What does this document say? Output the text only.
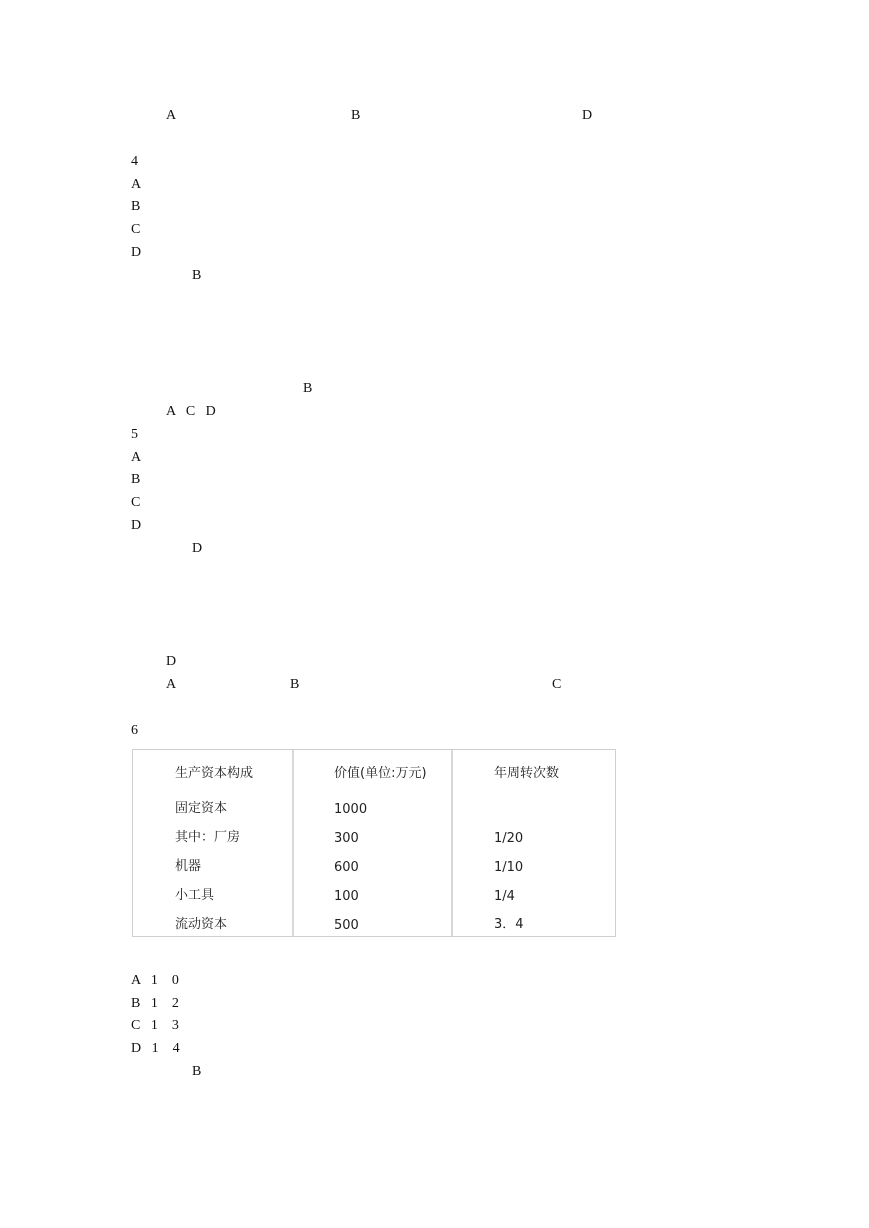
A	B	D
4
A
B
C
D
B
B
A   C   D
5
A
B
C
D
D
D
A	B	C
6
生产资本构成	价值(单位:万元)	年周转次数
固定资本	1000
其中：厂房	300	1/20
机器	600	1/10
小工具	100	1/4
流动资本	500	3．4
A   1    0
B   1    2
C   1    3
D   1    4
B
